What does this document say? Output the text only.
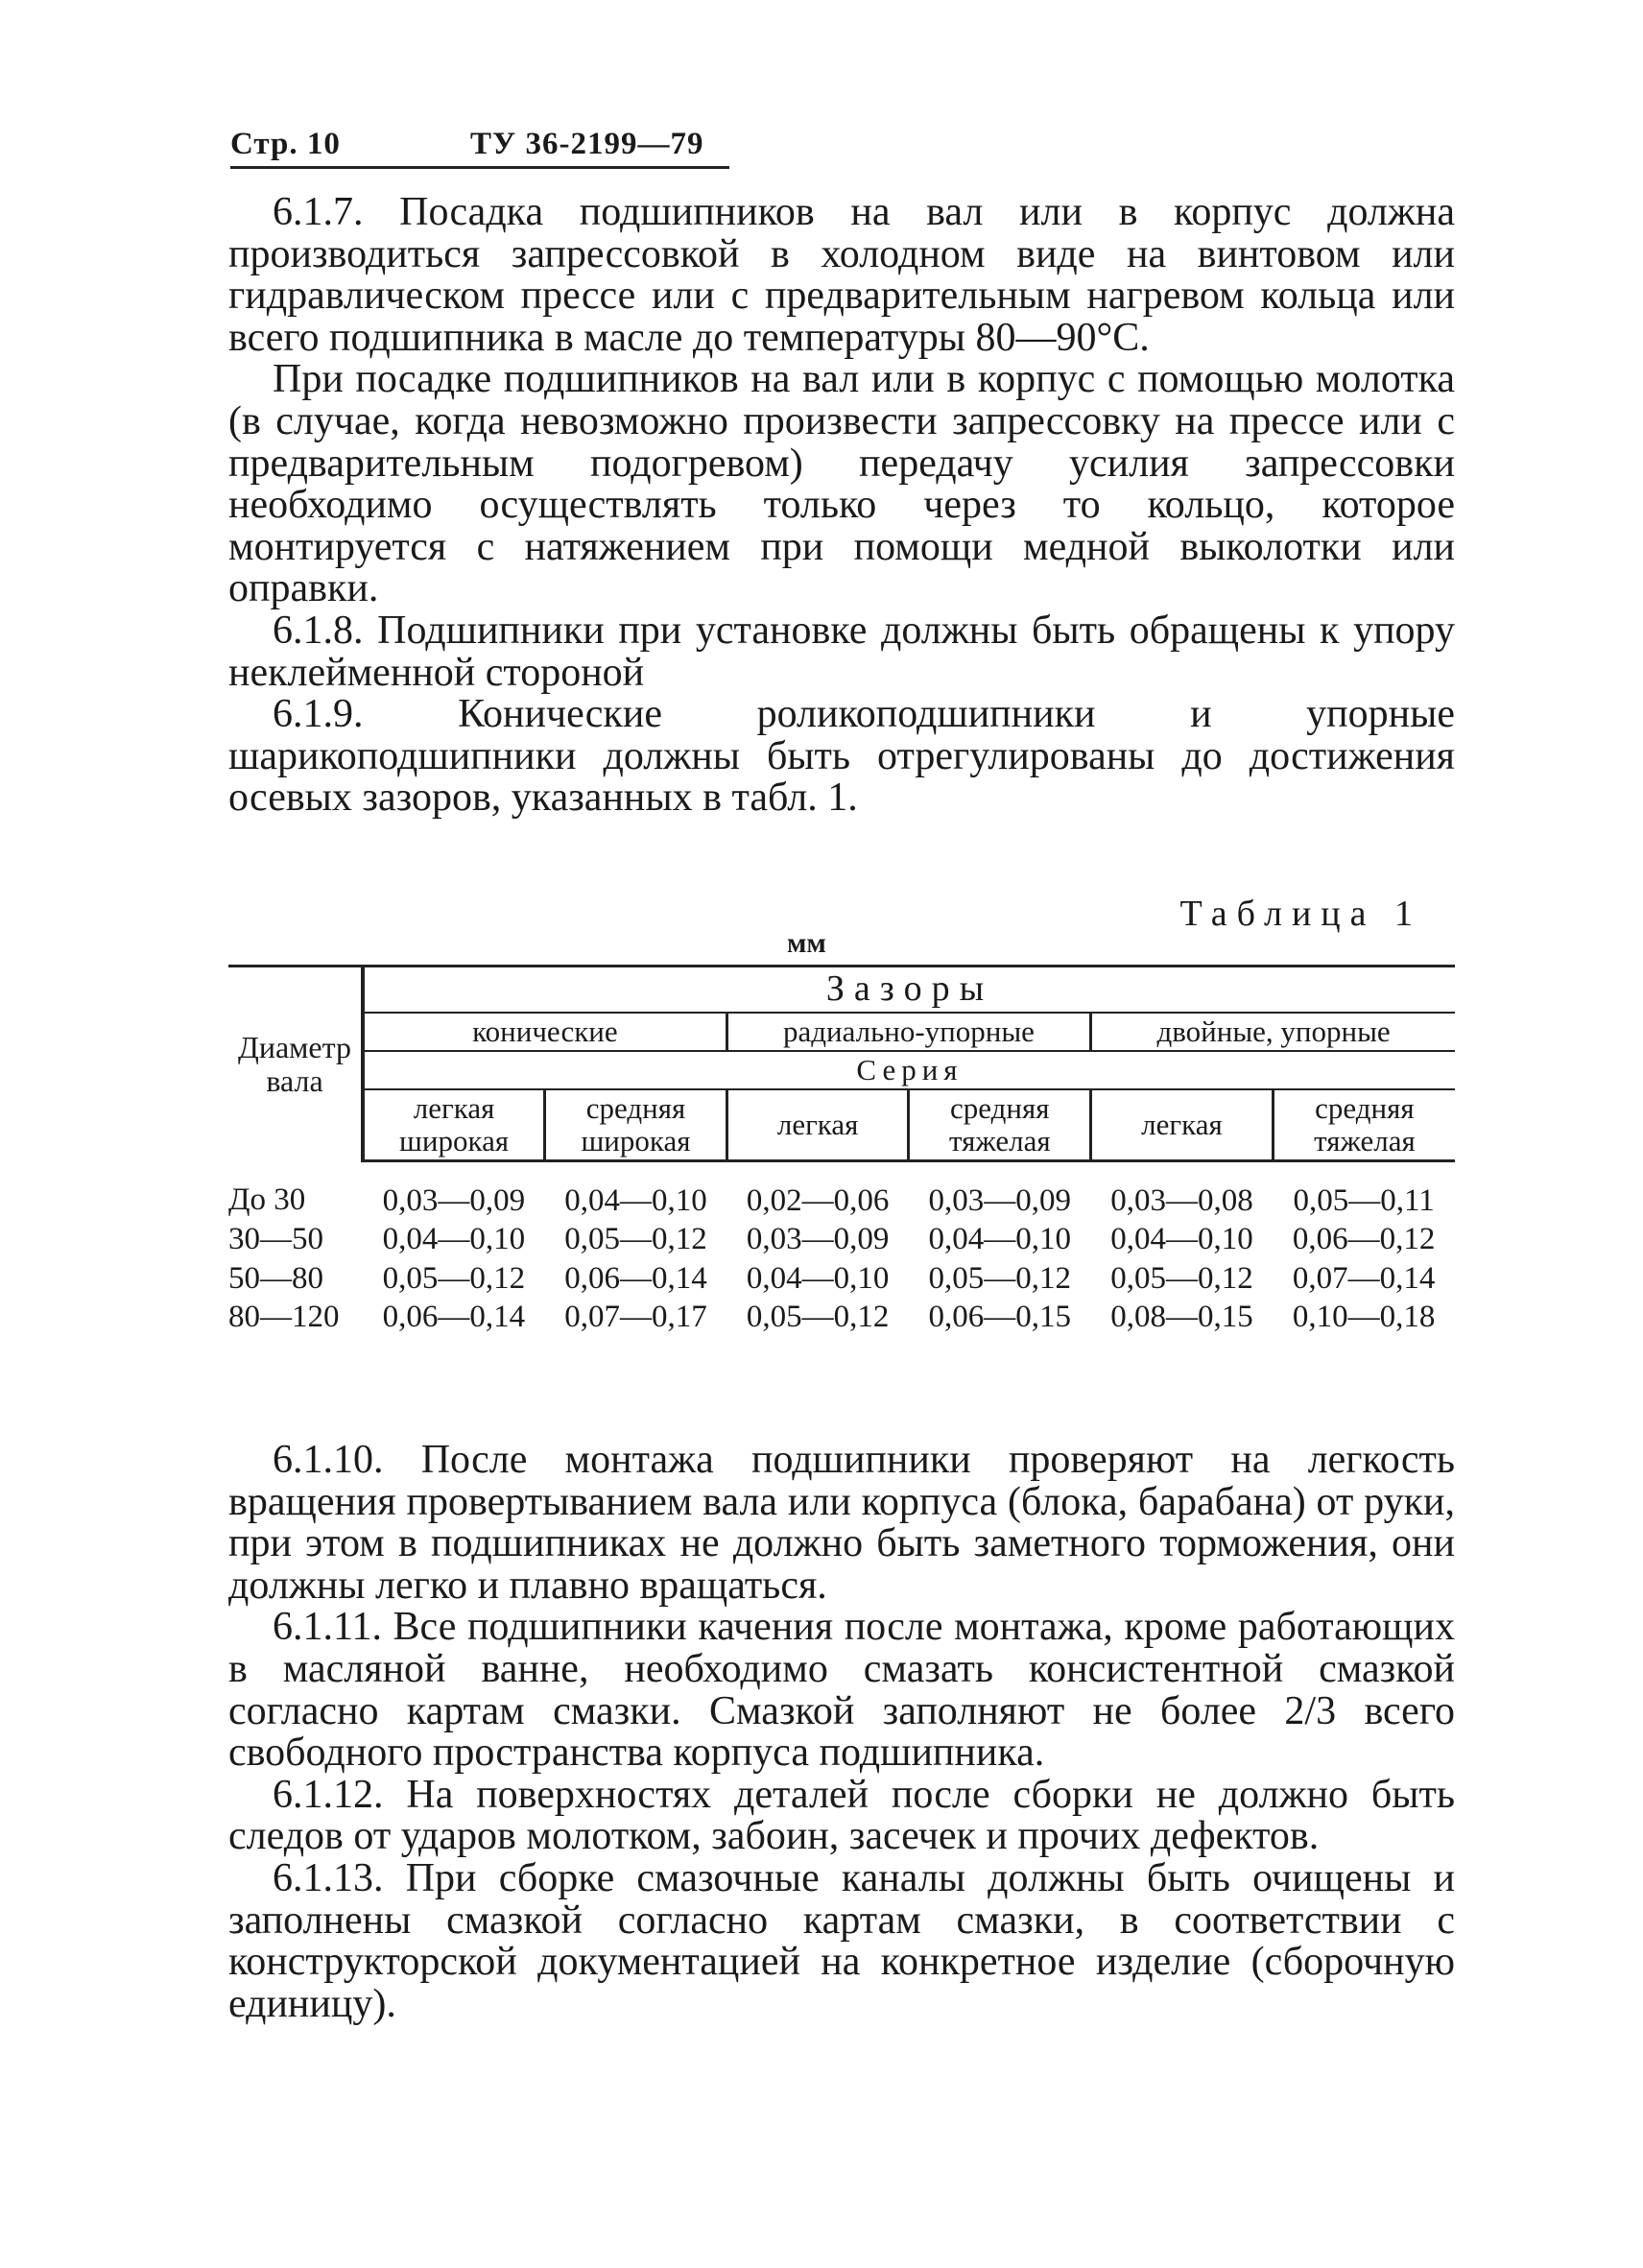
Стр. 10	ТУ 36-2199—79

6.1.7. Посадка подшипников на вал или в корпус должна производиться запрессовкой в холодном виде на винтовом или гидравлическом прессе или с предварительным нагревом кольца или всего подшипника в масле до температуры 80—90°С.

При посадке подшипников на вал или в корпус с помощью молотка (в случае, когда невозможно произвести запрессовку на прессе или с предварительным подогревом) передачу усилия запрессовки необходимо осуществлять только через то кольцо, которое монтируется с натяжением при помощи медной выколотки или оправки.

6.1.8. Подшипники при установке должны быть обращены к упору неклейменной стороной

6.1.9. Конические роликоподшипники и упорные шарикоподшипники должны быть отрегулированы до достижения осевых зазоров, указанных в табл. 1.

Таблица 1
мм
Диаметр вала	Зазоры					
	конические		радиально-упорные		двойные, упорные	
	Серия					
	легкая широкая	средняя широкая	легкая	средняя тяжелая	легкая	средняя тяжелая
До 30	0,03—0,09	0,04—0,10	0,02—0,06	0,03—0,09	0,03—0,08	0,05—0,11
30—50	0,04—0,10	0,05—0,12	0,03—0,09	0,04—0,10	0,04—0,10	0,06—0,12
50—80	0,05—0,12	0,06—0,14	0,04—0,10	0,05—0,12	0,05—0,12	0,07—0,14
80—120	0,06—0,14	0,07—0,17	0,05—0,12	0,06—0,15	0,08—0,15	0,10—0,18

6.1.10. После монтажа подшипники проверяют на легкость вращения провертыванием вала или корпуса (блока, барабана) от руки, при этом в подшипниках не должно быть заметного торможения, они должны легко и плавно вращаться.

6.1.11. Все подшипники качения после монтажа, кроме работающих в масляной ванне, необходимо смазать консистентной смазкой согласно картам смазки. Смазкой заполняют не более 2/3 всего свободного пространства корпуса подшипника.

6.1.12. На поверхностях деталей после сборки не должно быть следов от ударов молотком, забоин, засечек и прочих дефектов.

6.1.13. При сборке смазочные каналы должны быть очищены и заполнены смазкой согласно картам смазки, в соответствии с конструкторской документацией на конкретное изделие (сборочную единицу).
